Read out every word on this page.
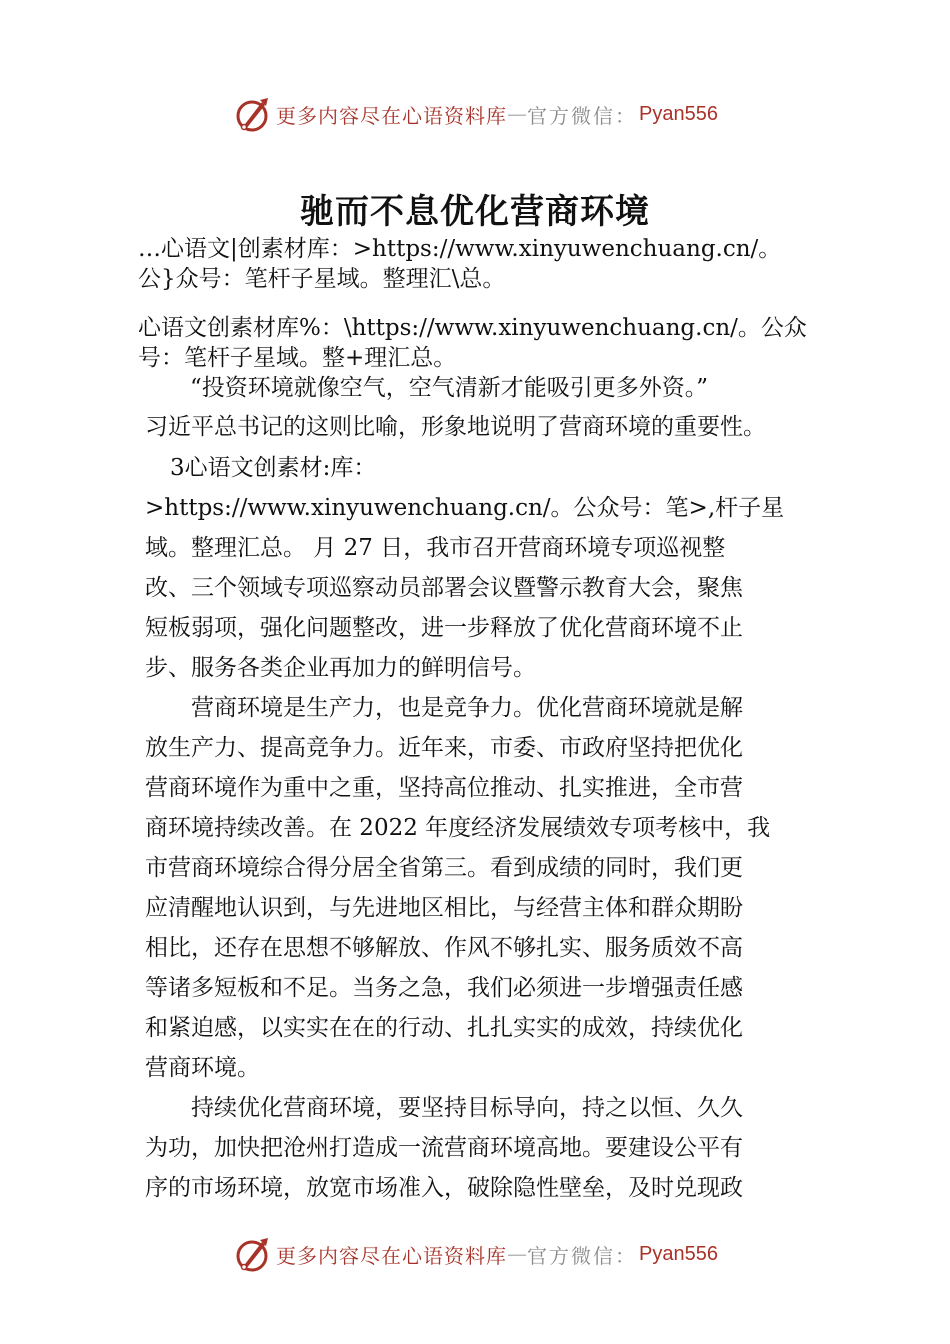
更多内容尽在心语资料库 — 官方微信： Pyan556
驰而不息优化营商环境
…心语文|创素材库：>https://www.xinyuwenchuang.cn/。
公}众号：笔杆子星域。整理汇\总。
心语文创素材库%：\https://www.xinyuwenchuang.cn/。公众
号：笔杆子星域。整+理汇总。
“投资环境就像空气，空气清新才能吸引更多外资。”
习近平总书记的这则比喻，形象地说明了营商环境的重要性。
3心语文创素材:库：
>https://www.xinyuwenchuang.cn/。公众号：笔>,杆子星
域。整理汇总。 月 27 日，我市召开营商环境专项巡视整
改、三个领域专项巡察动员部署会议暨警示教育大会，聚焦
短板弱项，强化问题整改，进一步释放了优化营商环境不止
步、服务各类企业再加力的鲜明信号。
　　营商环境是生产力，也是竞争力。优化营商环境就是解
放生产力、提高竞争力。近年来，市委、市政府坚持把优化
营商环境作为重中之重，坚持高位推动、扎实推进，全市营
商环境持续改善。在 2022 年度经济发展绩效专项考核中，我
市营商环境综合得分居全省第三。看到成绩的同时，我们更
应清醒地认识到，与先进地区相比，与经营主体和群众期盼
相比，还存在思想不够解放、作风不够扎实、服务质效不高
等诸多短板和不足。当务之急，我们必须进一步增强责任感
和紧迫感，以实实在在的行动、扎扎实实的成效，持续优化
营商环境。
　　持续优化营商环境，要坚持目标导向，持之以恒、久久
为功，加快把沧州打造成一流营商环境高地。要建设公平有
序的市场环境，放宽市场准入，破除隐性壁垒，及时兑现政
更多内容尽在心语资料库 — 官方微信： Pyan556
